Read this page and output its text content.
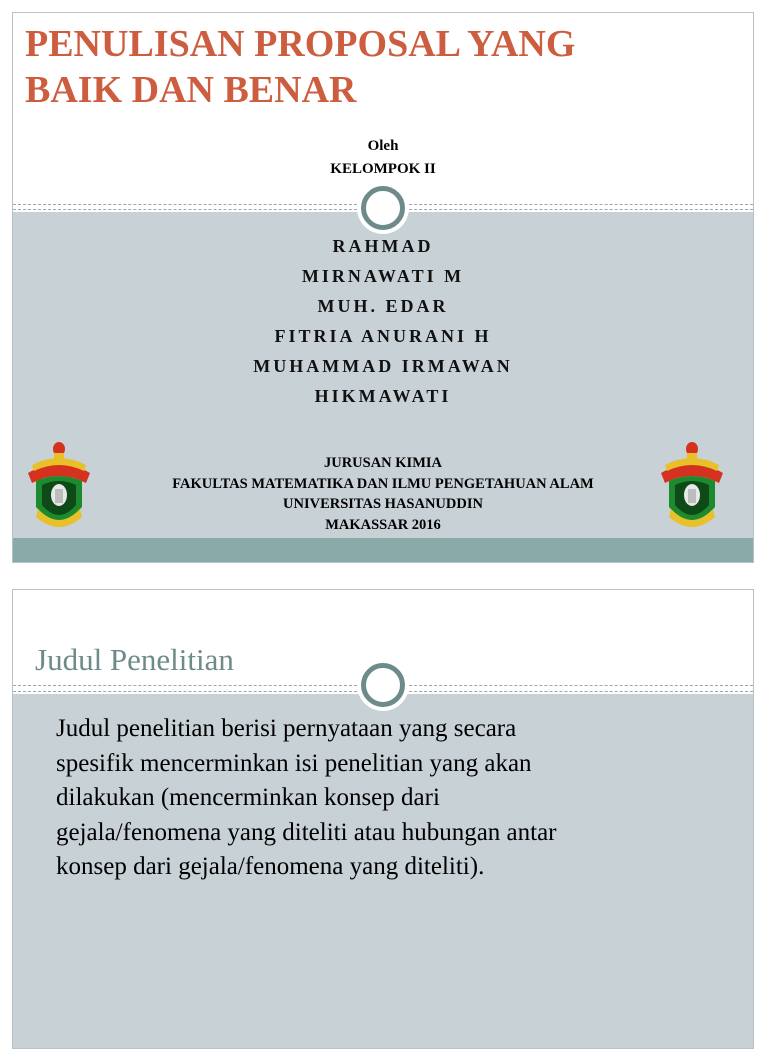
PENULISAN PROPOSAL YANG
BAIK DAN BENAR
Oleh
KELOMPOK II
RAHMAD
MIRNAWATI M
MUH. EDAR
FITRIA ANURANI H
MUHAMMAD IRMAWAN
HIKMAWATI
JURUSAN KIMIA
FAKULTAS MATEMATIKA DAN ILMU PENGETAHUAN ALAM
UNIVERSITAS HASANUDDIN
MAKASSAR 2016
Judul Penelitian
Judul penelitian berisi pernyataan yang secara
spesifik mencerminkan isi penelitian yang akan
dilakukan (mencerminkan konsep dari
gejala/fenomena yang diteliti atau hubungan antar
konsep dari gejala/fenomena yang diteliti).
